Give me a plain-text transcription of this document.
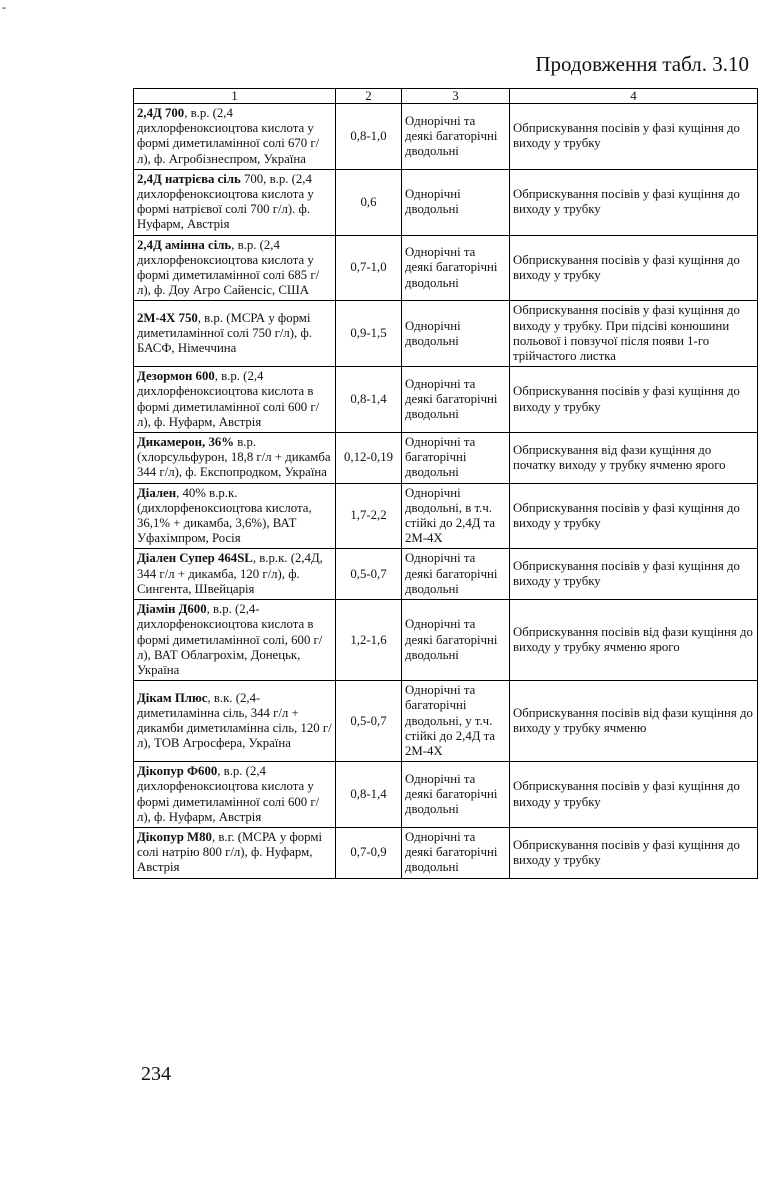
-
Продовження табл. 3.10
1	2	3	4
2,4Д 700, в.р. (2,4 дихлорфеноксиоцтова кислота у формі диметиламінної солі 670 г/л), ф. Агробізнеспром, Україна	0,8-1,0	Однорічні та деякі багаторічні дводольні	Обприскування посівів у фазі кущіння до виходу у трубку
2,4Д натрієва сіль 700, в.р. (2,4 дихлорфеноксиоцтова кислота у формі натрієвої солі 700 г/л). ф. Нуфарм, Австрія	0,6	Однорічні дводольні	Обприскування посівів у фазі кущіння до виходу у трубку
2,4Д амінна сіль, в.р. (2,4 дихлорфеноксиоцтова кислота у формі диметиламінної солі 685 г/л), ф. Доу Агро Сайенсіс, США	0,7-1,0	Однорічні та деякі багаторічні дводольні	Обприскування посівів у фазі кущіння до виходу у трубку
2М-4Х 750, в.р. (МСРА у формі диметиламінної солі 750 г/л), ф. БАСФ, Німеччина	0,9-1,5	Однорічні дводольні	Обприскування посівів у фазі кущіння до виходу у трубку. При підсіві конюшини польової і повзучої після появи 1-го трійчастого листка
Дезормон 600, в.р. (2,4 дихлорфеноксиоцтова кислота в формі диметиламінної солі 600 г/л), ф. Нуфарм, Австрія	0,8-1,4	Однорічні та деякі багаторічні дводольні	Обприскування посівів у фазі кущіння до виходу у трубку
Дикамерон, 36% в.р. (хлорсульфурон, 18,8 г/л + дикамба 344 г/л), ф. Експопродком, Україна	0,12-0,19	Однорічні та багаторічні дводольні	Обприскування від фази кущіння до початку виходу у трубку ячменю ярого
Діален, 40% в.р.к. (дихлорфеноксиоцтова кислота, 36,1% + дикамба, 3,6%), ВАТ Уфахімпром, Росія	1,7-2,2	Однорічні дводольні, в т.ч. стійкі до 2,4Д та 2М-4Х	Обприскування посівів у фазі кущіння до виходу у трубку
Діален Супер 464SL, в.р.к. (2,4Д, 344 г/л + дикамба, 120 г/л), ф. Сингента, Швейцарія	0,5-0,7	Однорічні та деякі багаторічні дводольні	Обприскування посівів у фазі кущіння до виходу у трубку
Діамін Д600, в.р. (2,4-дихлорфеноксиоцтова кислота в формі диметиламінної солі, 600 г/л), ВАТ Облагрохім, Донецьк, Україна	1,2-1,6	Однорічні та деякі багаторічні дводольні	Обприскування посівів від фази кущіння до виходу у трубку ячменю ярого
Дікам Плюс, в.к. (2,4-диметиламінна сіль, 344 г/л + дикамби диметиламінна сіль, 120 г/л), ТОВ Агросфера, Україна	0,5-0,7	Однорічні та багаторічні дводольні, у т.ч. стійкі до 2,4Д та 2М-4Х	Обприскування посівів від фази кущіння до виходу у трубку ячменю
Дікопур Ф600, в.р. (2,4 дихлорфеноксиоцтова кислота у формі диметиламінної солі 600 г/л), ф. Нуфарм, Австрія	0,8-1,4	Однорічні та деякі багаторічні дводольні	Обприскування посівів у фазі кущіння до виходу у трубку
Дікопур М80, в.г. (МСРА у формі солі натрію 800 г/л), ф. Нуфарм, Австрія	0,7-0,9	Однорічні та деякі багаторічні дводольні	Обприскування посівів у фазі кущіння до виходу у трубку
234
